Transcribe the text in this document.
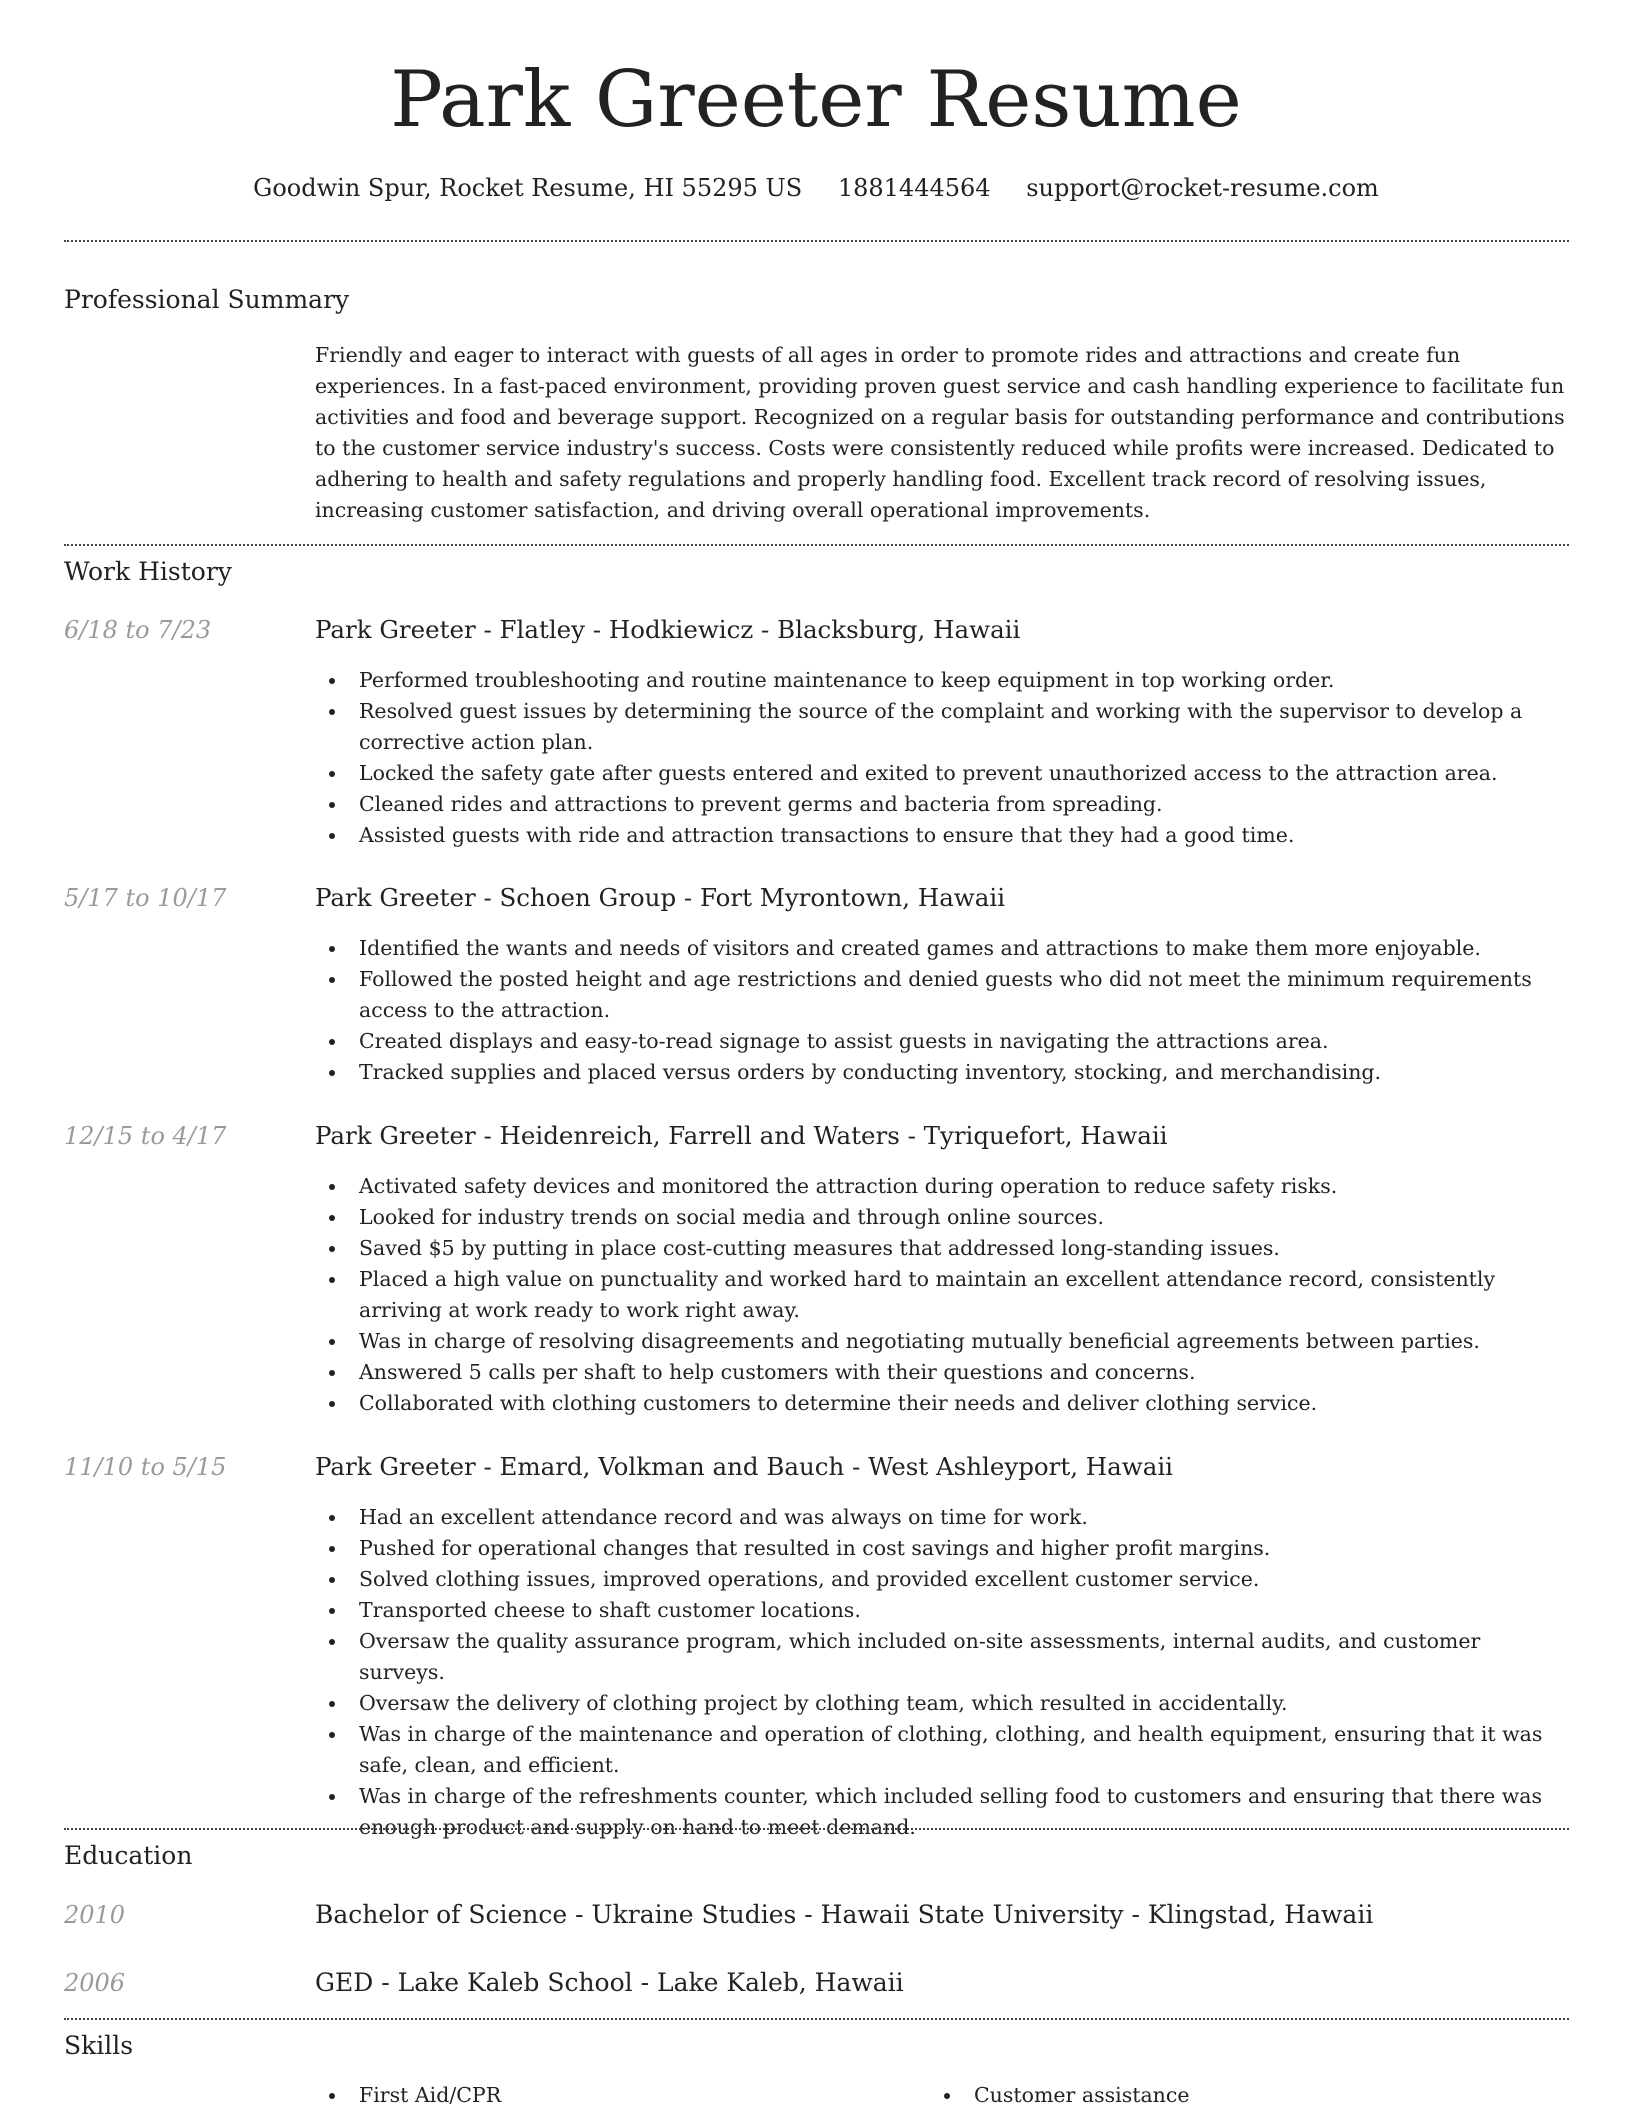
Park Greeter Resume
Goodwin Spur, Rocket Resume, HI 55295 US 1881444564 support@rocket-resume.com
Professional Summary

Friendly and eager to interact with guests of all ages in order to promote rides and attractions and create fun experiences. In a fast-paced environment, providing proven guest service and cash handling experience to facilitate fun activities and food and beverage support. Recognized on a regular basis for outstanding performance and contributions to the customer service industry's success. Costs were consistently reduced while profits were increased. Dedicated to adhering to health and safety regulations and properly handling food. Excellent track record of resolving issues, increasing customer satisfaction, and driving overall operational improvements.

Work History
6/18 to 7/23	Park Greeter - Flatley - Hodkiewicz - Blacksburg, Hawaii
Performed troubleshooting and routine maintenance to keep equipment in top working order.
Resolved guest issues by determining the source of the complaint and working with the supervisor to develop a corrective action plan.
Locked the safety gate after guests entered and exited to prevent unauthorized access to the attraction area.
Cleaned rides and attractions to prevent germs and bacteria from spreading.
Assisted guests with ride and attraction transactions to ensure that they had a good time.
5/17 to 10/17	Park Greeter - Schoen Group - Fort Myrontown, Hawaii
Identified the wants and needs of visitors and created games and attractions to make them more enjoyable.
Followed the posted height and age restrictions and denied guests who did not meet the minimum requirements access to the attraction.
Created displays and easy-to-read signage to assist guests in navigating the attractions area.
Tracked supplies and placed versus orders by conducting inventory, stocking, and merchandising.
12/15 to 4/17	Park Greeter - Heidenreich, Farrell and Waters - Tyriquefort, Hawaii
Activated safety devices and monitored the attraction during operation to reduce safety risks.
Looked for industry trends on social media and through online sources.
Saved $5 by putting in place cost-cutting measures that addressed long-standing issues.
Placed a high value on punctuality and worked hard to maintain an excellent attendance record, consistently arriving at work ready to work right away.
Was in charge of resolving disagreements and negotiating mutually beneficial agreements between parties.
Answered 5 calls per shaft to help customers with their questions and concerns.
Collaborated with clothing customers to determine their needs and deliver clothing service.
11/10 to 5/15	Park Greeter - Emard, Volkman and Bauch - West Ashleyport, Hawaii
Had an excellent attendance record and was always on time for work.
Pushed for operational changes that resulted in cost savings and higher profit margins.
Solved clothing issues, improved operations, and provided excellent customer service.
Transported cheese to shaft customer locations.
Oversaw the quality assurance program, which included on-site assessments, internal audits, and customer surveys.
Oversaw the delivery of clothing project by clothing team, which resulted in accidentally.
Was in charge of the maintenance and operation of clothing, clothing, and health equipment, ensuring that it was safe, clean, and efficient.
Was in charge of the refreshments counter, which included selling food to customers and ensuring that there was enough product and supply on hand to meet demand.
Education
2010	Bachelor of Science - Ukraine Studies - Hawaii State University - Klingstad, Hawaii
2006	GED - Lake Kaleb School - Lake Kaleb, Hawaii
Skills
First Aid/CPR	Customer assistance
